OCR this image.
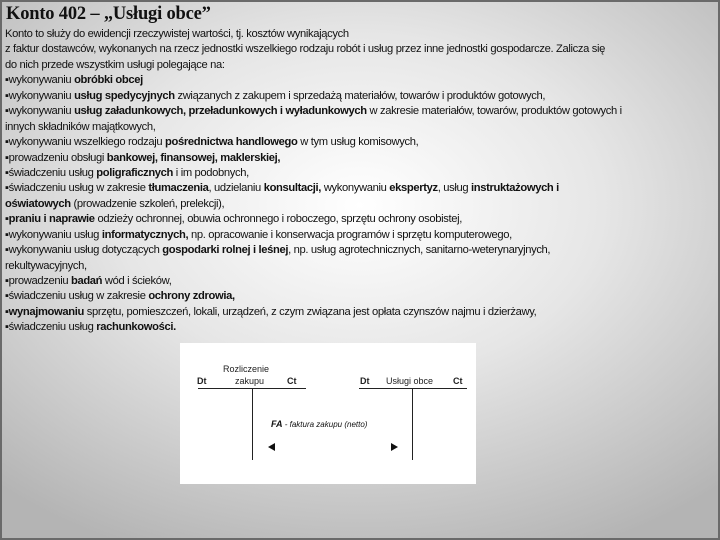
Konto 402 – „Usługi obce”
Konto to służy do ewidencji rzeczywistej wartości, tj. kosztów wynikających
z faktur dostawców, wykonanych na rzecz jednostki wszelkiego rodzaju robót i usług przez inne jednostki gospodarcze. Zalicza się
do nich przede wszystkim usługi polegające na:
▪wykonywaniu obróbki obcej
▪wykonywaniu usług spedycyjnych związanych z zakupem i sprzedażą materiałów, towarów i produktów gotowych,
▪wykonywaniu usług załadunkowych, przeładunkowych i wyładunkowych w zakresie materiałów, towarów, produktów gotowych i
innych składników majątkowych,
▪wykonywaniu wszelkiego rodzaju pośrednictwa handlowego w tym usług komisowych,
▪prowadzeniu obsługi bankowej, finansowej, maklerskiej,
▪świadczeniu usług poligraficznych i im podobnych,
▪świadczeniu usług w zakresie tłumaczenia, udzielaniu konsultacji, wykonywaniu ekspertyz, usług instruktażowych i
oświatowych (prowadzenie szkoleń, prelekcji),
▪praniu i naprawie odzieży ochronnej, obuwia ochronnego i roboczego, sprzętu ochrony osobistej,
▪wykonywaniu usług informatycznych, np. opracowanie i konserwacja programów i sprzętu komputerowego,
▪wykonywaniu usług dotyczących gospodarki rolnej i leśnej, np. usług agrotechnicznych, sanitarno-weterynaryjnych,
rekultywacyjnych,
▪prowadzeniu badań wód i ścieków,
▪świadczeniu usług w zakresie ochrony zdrowia,
▪wynajmowaniu sprzętu, pomieszczeń, lokali, urządzeń, z czym związana jest opłata czynszów najmu i dzierżawy,
▪świadczeniu usług rachunkowości.
Rozliczenie
zakupu
Dt	Ct	Dt Usługi obce Ct
FA - faktura zakupu (netto)
